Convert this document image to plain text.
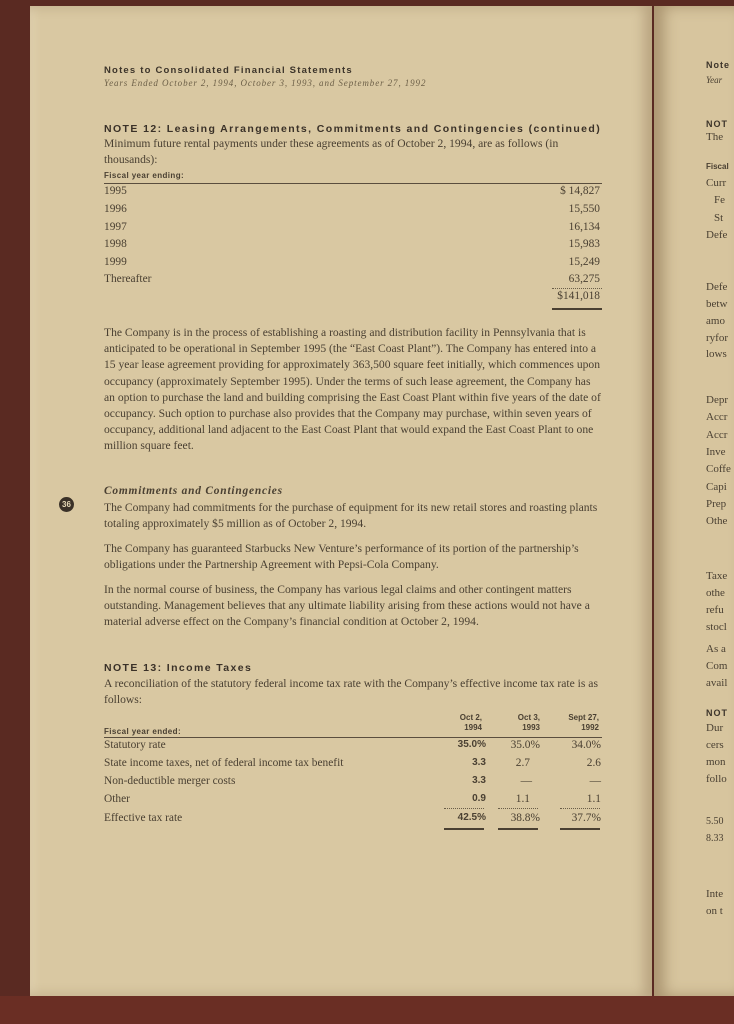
Notes to Consolidated Financial Statements
Years Ended October 2, 1994, October 3, 1993, and September 27, 1992
NOTE 12: Leasing Arrangements, Commitments and Contingencies (continued)

Minimum future rental payments under these agreements as of October 2, 1994, are as follows (in thousands):

Fiscal year ending:
1995	$ 14,827
1996	15,550
1997	16,134
1998	15,983
1999	15,249
Thereafter	63,275
$141,018

The Company is in the process of establishing a roasting and distribution facility in Pennsylvania that is anticipated to be operational in September 1995 (the “East Coast Plant”). The Company has entered into a 15 year lease agreement providing for approximately 363,500 square feet initially, which commences upon occupancy (approximately September 1995). Under the terms of such lease agreement, the Company has an option to purchase the land and building comprising the East Coast Plant within five years of the date of occupancy. Such option to purchase also provides that the Company may purchase, within seven years of occupancy, additional land adjacent to the East Coast Plant that would expand the East Coast Plant to one million square feet.

Commitments and Contingencies

The Company had commitments for the purchase of equipment for its new retail stores and roasting plants totaling approximately $5 million as of October 2, 1994.

36

The Company has guaranteed Starbucks New Venture’s performance of its portion of the partnership’s obligations under the Partnership Agreement with Pepsi-Cola Company.

In the normal course of business, the Company has various legal claims and other contingent matters outstanding. Management believes that any ultimate liability arising from these actions would not have a material adverse effect on the Company’s financial condition at October 2, 1994.

NOTE 13: Income Taxes

A reconciliation of the statutory federal income tax rate with the Company’s effective income tax rate is as follows:

Oct 2,
1994
Oct 3,
1993
Sept 27,
1992
Fiscal year ended:
Statutory rate	35.0% 35.0%	34.0%
State income taxes, net of federal income tax benefit	3.3	2.7	2.6
Non-deductible merger costs	3.3	—	—
Other	0.9	1.1	1.1
Effective tax rate	42.5% 38.8%	37.7%
Note
Year
NOT
The
Fiscal
Curr
Fe
St
Defe
Defe
betw
amo
ryfor
lows
Depr
Accr
Accr
Inve
Coffe
Capi
Prep
Othe
Taxe
othe
refu
stocl
As a
Com
avail
NOT
Dur
cers
mon
follo
5.50
8.33
Inte
on t
